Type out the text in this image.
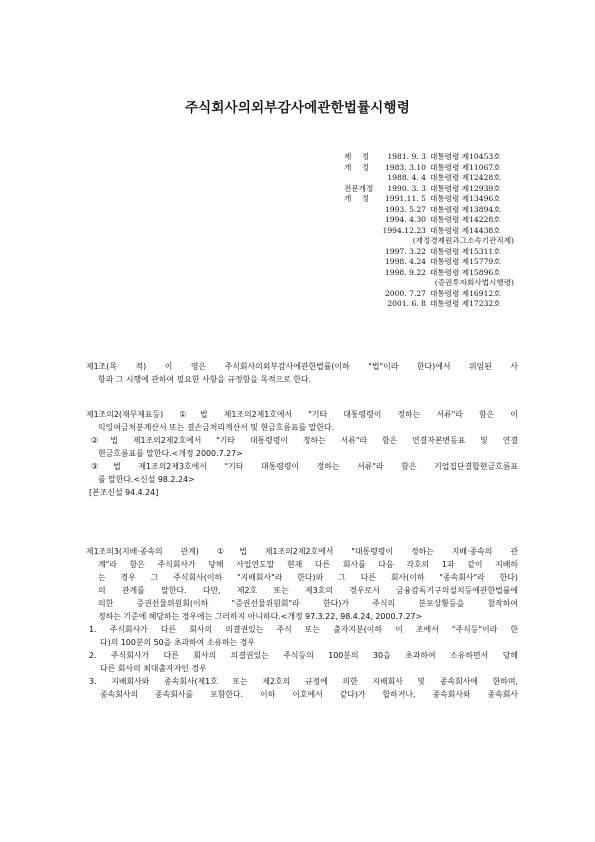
주식회사의외부감사에관한법률시행령
제 정	1981. 9. 3 대통령령 제10453호
개 정	1983. 3.10 대통령령 제11067호
1988. 4. 4 대통령령 제12428호
전문개정	1990. 3. 3 대통령령 제12939호
개 정	1991.11. 5 대통령령 제13496호
1993. 5.27 대통령령 제13894호
1994. 4.30 대통령령 제14228호
1994.12.23 대통령령 제14438호
(재정경제원과그소속기관직제)
1997. 3.22 대통령령 제15311호
1998. 4.24 대통령령 제15779호
1998. 9.22 대통령령 제15896호
(증권투자회사법시행령)
2000. 7.27 대통령령 제16912호
2001. 6. 8 대통령령 제17232호

제1조(목 적) 이 영은 주식회사의외부감사에관한법률(이하 "법"이라 한다)에서 위임된 사

항과 그 시행에 관하여 필요한 사항을 규정함을 목적으로 한다.

제1조의2(재무제표등) ①법 제1조의2제1호에서 "기타 대통령령이 정하는 서류"라 함은 이

익잉여금처분계산서 또는 결손금처리계산서 및 현금흐름표를 말한다.

②법 제1조의2제2호에서 "기타 대통령령이 정하는 서류"라 함은 연결자본변동표 및 연결

현금흐름표를 말한다.<개정 2000.7.27>

③법 제1조의2제3호에서 "기타 대통령령이 정하는 서류"라 함은 기업집단결합현금흐름표

를 말한다.<신설 98.2.24>

[본조신설 94.4.24]

제1조의3(지배·종속의 관계) ①법 제1조의2제2호에서 "대통령령이 정하는 지배·종속의 관

계"라 함은 주식회사가 당해 사업연도말 현재 다른 회사를 다음 각호의 1과 같이 지배하

는 경우 그 주식회사(이하 "지배회사"라 한다)와 그 다른 회사(이하 "종속회사"라 한다)

의 관계를 말한다. 다만, 제2호 또는 제3호의 경우로서 금융감독기구의설치등에관한법률에

의한 증권선물위원회(이하 "증권선물위원회"라 한다)가 주식의 분포상황등을 참작하여

정하는 기준에 해당하는 경우에는 그러하지 아니하다.<개정 97.3.22, 98.4.24, 2000.7.27>

1. 주식회사가 다른 회사의 의결권있는 주식 또는 출자지분(이하 이 조에서 "주식등"이라 한

다)의 100분의 50을 초과하여 소유하는 경우

2. 주식회사가 다른 회사의 의결권있는 주식등의 100분의 30을 초과하여 소유하면서 당해

다른 회사의 최대출자자인 경우

3. 지배회사와 종속회사(제1호 또는 제2호의 규정에 의한 지배회사 및 종속회사에 한하며,

종속회사의 종속회사를 포함한다. 이하 이호에서 같다)가 합하거나, 종속회사와 종속회사
